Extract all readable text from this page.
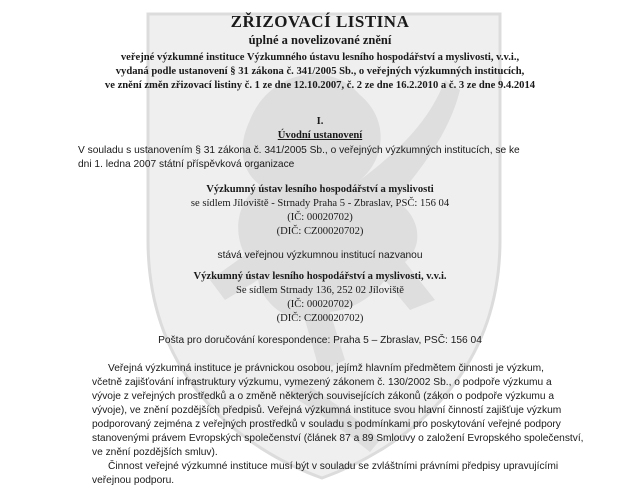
ZŘIZOVACÍ LISTINA
úplné a novelizované znění
veřejné výzkumné instituce Výzkumného ústavu lesního hospodářství a myslivosti, v.v.i.,
vydaná podle ustanovení § 31 zákona č. 341/2005 Sb., o veřejných výzkumných institucích,
ve znění změn zřizovací listiny č. 1 ze dne 12.10.2007, č. 2 ze dne 16.2.2010 a č. 3 ze dne 9.4.2014
I.
Úvodní ustanovení
V souladu s ustanovením § 31 zákona č. 341/2005 Sb., o veřejných výzkumných institucích, se ke
dni 1. ledna 2007 státní příspěvková organizace
Výzkumný ústav lesního hospodářství a myslivosti
se sídlem Jíloviště - Strnady Praha 5 - Zbraslav, PSČ: 156 04
(IČ: 00020702)
(DIČ: CZ00020702)
stává veřejnou výzkumnou institucí nazvanou
Výzkumný ústav lesního hospodářství a myslivosti, v.v.i.
Se sídlem Strnady 136, 252 02 Jíloviště
(IČ: 00020702)
(DIČ: CZ00020702)
Pošta pro doručování korespondence: Praha 5 – Zbraslav, PSČ: 156 04
Veřejná výzkumná instituce je právnickou osobou, jejímž hlavním předmětem činnosti je výzkum,
včetně zajišťování infrastruktury výzkumu, vymezený zákonem č. 130/2002 Sb., o podpoře výzkumu a
vývoje z veřejných prostředků a o změně některých souvisejících zákonů (zákon o podpoře výzkumu a
vývoje), ve znění pozdějších předpisů. Veřejná výzkumná instituce svou hlavní činností zajišťuje výzkum
podporovaný zejména z veřejných prostředků v souladu s podmínkami pro poskytování veřejné podpory
stanovenými právem Evropských společenství (článek 87 a 89 Smlouvy o založení Evropského společenství,
ve znění pozdějších smluv).
Činnost veřejné výzkumné instituce musí být v souladu se zvláštními právními předpisy upravujícími
veřejnou podporu.
